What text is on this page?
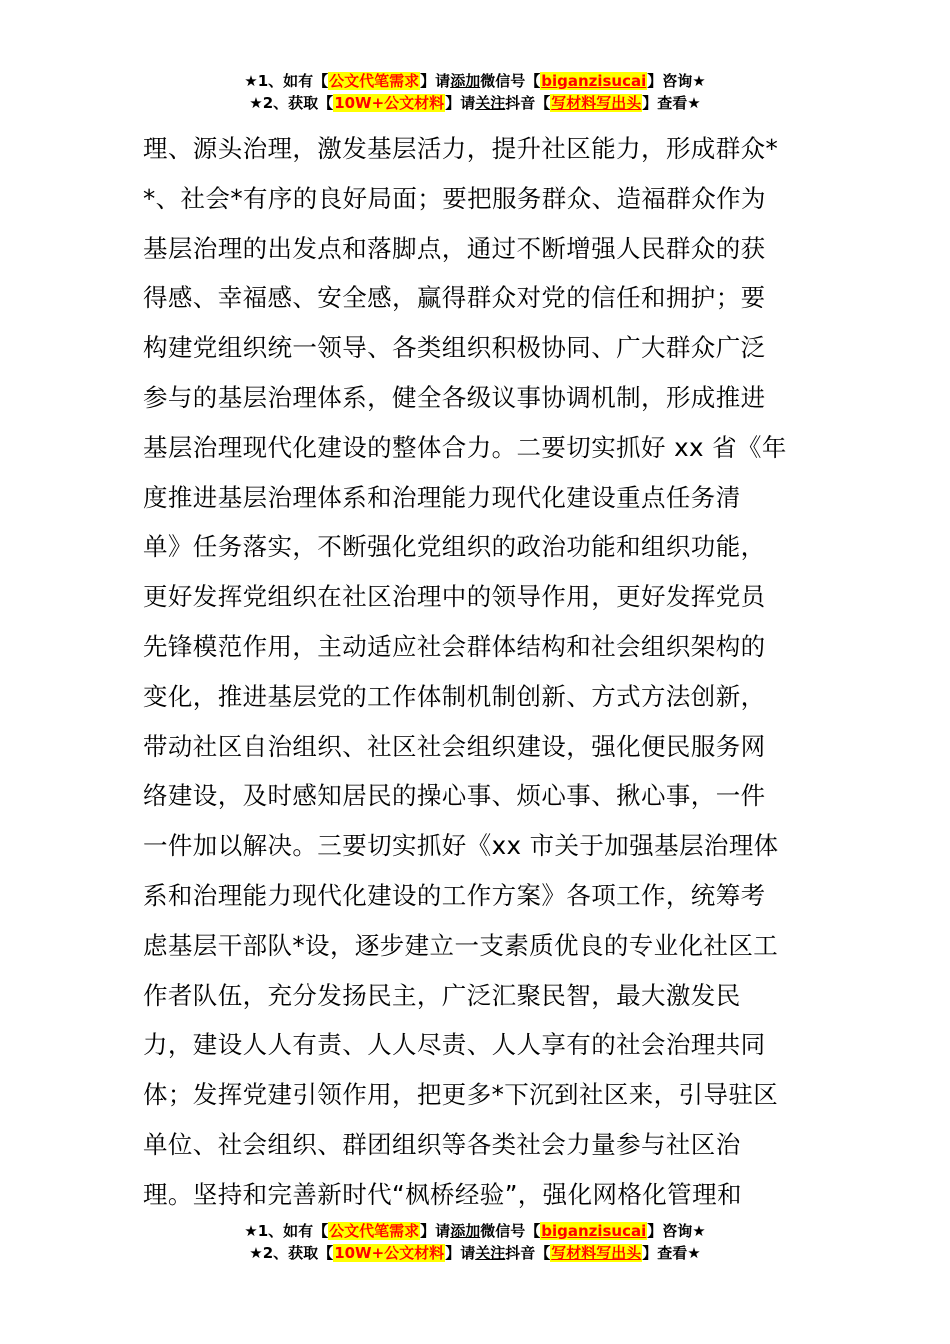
★1、如有【公文代笔需求】请添加微信号【biganzisucai】咨询★
★2、获取【10W+公文材料】请关注抖音【写材料写出头】查看★
理、源头治理，激发基层活力，提升社区能力，形成群众*
*、社会*有序的良好局面；要把服务群众、造福群众作为
基层治理的出发点和落脚点，通过不断增强人民群众的获
得感、幸福感、安全感，赢得群众对党的信任和拥护；要
构建党组织统一领导、各类组织积极协同、广大群众广泛
参与的基层治理体系，健全各级议事协调机制，形成推进
基层治理现代化建设的整体合力。二要切实抓好 xx 省《年
度推进基层治理体系和治理能力现代化建设重点任务清
单》任务落实，不断强化党组织的政治功能和组织功能，
更好发挥党组织在社区治理中的领导作用，更好发挥党员
先锋模范作用，主动适应社会群体结构和社会组织架构的
变化，推进基层党的工作体制机制创新、方式方法创新，
带动社区自治组织、社区社会组织建设，强化便民服务网
络建设，及时感知居民的操心事、烦心事、揪心事，一件
一件加以解决。三要切实抓好《xx 市关于加强基层治理体
系和治理能力现代化建设的工作方案》各项工作，统筹考
虑基层干部队*设，逐步建立一支素质优良的专业化社区工
作者队伍，充分发扬民主，广泛汇聚民智，最大激发民
力，建设人人有责、人人尽责、人人享有的社会治理共同
体；发挥党建引领作用，把更多*下沉到社区来，引导驻区
单位、社会组织、群团组织等各类社会力量参与社区治
理。坚持和完善新时代“枫桥经验”，强化网格化管理和
★1、如有【公文代笔需求】请添加微信号【biganzisucai】咨询★
★2、获取【10W+公文材料】请关注抖音【写材料写出头】查看★
